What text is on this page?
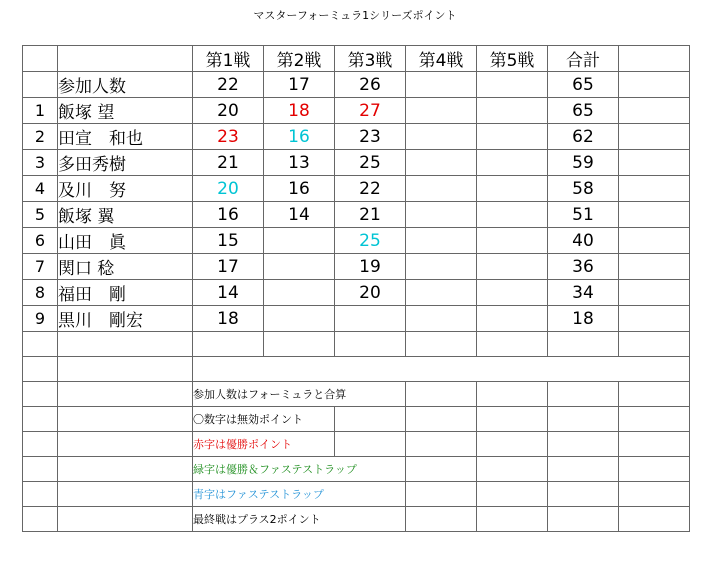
マスターフォーミュラ1シリーズポイント
		第1戦	第2戦	第3戦	第4戦	第5戦	合計	
	参加人数	22	17	26			65	
1	飯塚 望	20	18	27			65	
2	田宣　和也	23	16	23			62	
3	多田秀樹	21	13	25			59	
4	及川　努	20	16	22			58	
5	飯塚 翼	16	14	21			51	
6	山田　眞	15		25			40	
7	関口 稔	17		19			36	
8	福田　剛	14		20			34	
9	黒川　剛宏	18					18	

		参加人数はフォーミュラと合算						
		〇数字は無効ポイント						
		赤字は優勝ポイント						
		緑字は優勝＆ファステストラップ						
		青字はファステストラップ						
		最終戦はプラス2ポイント						
